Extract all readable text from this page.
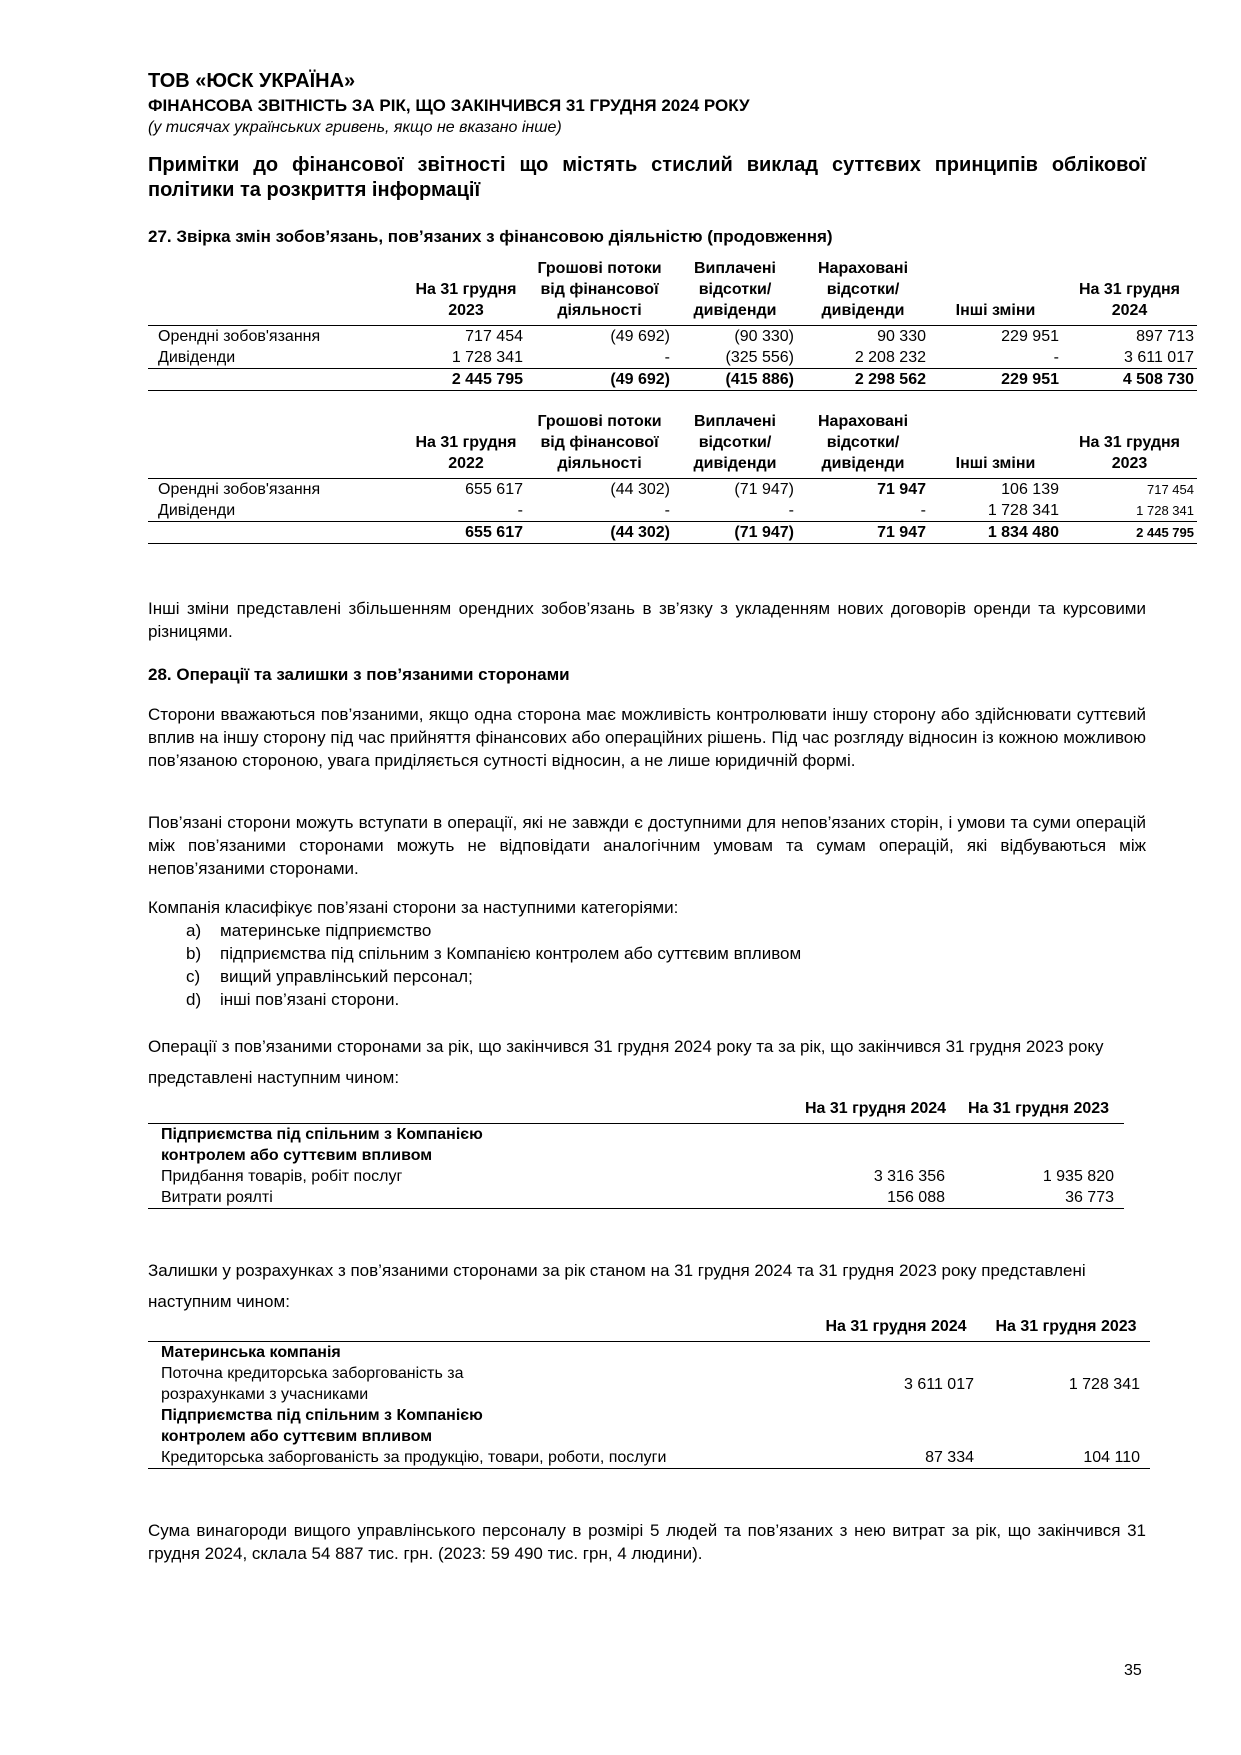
ТОВ «ЮСК УКРАЇНА»
ФІНАНСОВА ЗВІТНІСТЬ ЗА РІК, ЩО ЗАКІНЧИВСЯ 31 ГРУДНЯ 2024 РОКУ
(у тисячах українських гривень, якщо не вказано інше)
Примітки до фінансової звітності що містять стислий виклад суттєвих принципів облікової політики та розкриття інформації
27. Звірка змін зобов’язань, пов’язаних з фінансовою діяльністю (продовження)
	На 31 грудня 2023	Грошові потоки від фінансової діяльності	Виплачені відсотки/ дивіденди	Нараховані відсотки/ дивіденди	Інші зміни	На 31 грудня 2024
Орендні зобов'язання	717 454	(49 692)	(90 330)	90 330	229 951	897 713
Дивіденди	1 728 341	-	(325 556)	2 208 232	-	3 611 017
	2 445 795	(49 692)	(415 886)	2 298 562	229 951	4 508 730
	На 31 грудня 2022	Грошові потоки від фінансової діяльності	Виплачені відсотки/ дивіденди	Нараховані відсотки/ дивіденди	Інші зміни	На 31 грудня 2023
Орендні зобов'язання	655 617	(44 302)	(71 947)	71 947	106 139	717 454
Дивіденди	-	-	-	-	1 728 341	1 728 341
	655 617	(44 302)	(71 947)	71 947	1 834 480	2 445 795
Інші зміни представлені збільшенням орендних зобов’язань в зв’язку з укладенням нових договорів оренди та курсовими різницями.
28. Операції та залишки з пов’язаними сторонами
Сторони вважаються пов’язаними, якщо одна сторона має можливість контролювати іншу сторону або здійснювати суттєвий вплив на іншу сторону під час прийняття фінансових або операційних рішень. Під час розгляду відносин із кожною можливою пов’язаною стороною, увага приділяється сутності відносин, а не лише юридичній формі.
Пов’язані сторони можуть вступати в операції, які не завжди є доступними для непов’язаних сторін, і умови та суми операцій між пов’язаними сторонами можуть не відповідати аналогічним умовам та сумам операцій, які відбуваються між непов’язаними сторонами.
Компанія класифікує пов’язані сторони за наступними категоріями:
a) материнське підприємство
b) підприємства під спільним з Компанією контролем або суттєвим впливом
c) вищий управлінський персонал;
d) інші пов’язані сторони.
Операції з пов’язаними сторонами за рік, що закінчився 31 грудня 2024 року та за рік, що закінчився 31 грудня 2023 року представлені наступним чином:
	На 31 грудня 2024	На 31 грудня 2023

Підприємства під спільним з Компанією контролем або суттєвим впливом		

Придбання товарів, робіт послуг	3 316 356	1 935 820
Витрати роялті	156 088	36 773
Залишки у розрахунках з пов’язаними сторонами за рік станом на 31 грудня 2024 та 31 грудня 2023 року представлені наступним чином:
	На 31 грудня 2024	На 31 грудня 2023
Материнська компанія		

Поточна кредиторська заборгованість за розрахунками з учасниками	3 611 017	1 728 341

Підприємства під спільним з Компанією контролем або суттєвим впливом		

Кредиторська заборгованість за продукцію, товари, роботи, послуги	87 334	104 110
Сума винагороди вищого управлінського персоналу в розмірі 5 людей та пов’язаних з нею витрат за рік, що закінчився 31 грудня 2024, склала 54 887 тис. грн. (2023: 59 490 тис. грн, 4 людини).
35
